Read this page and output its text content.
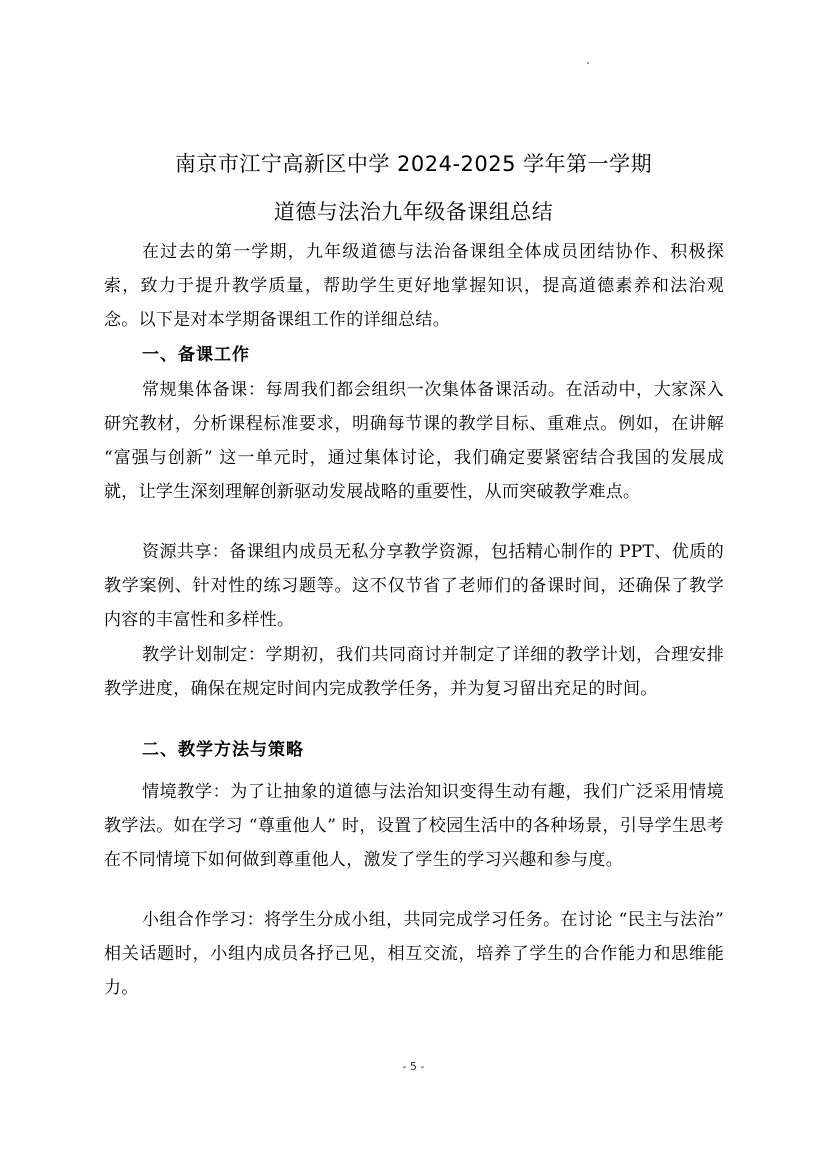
南京市江宁高新区中学 2024-2025 学年第一学期
道德与法治九年级备课组总结

在过去的第一学期，九年级道德与法治备课组全体成员团结协作、积极探索，致力于提升教学质量，帮助学生更好地掌握知识，提高道德素养和法治观念。以下是对本学期备课组工作的详细总结。

一、备课工作

常规集体备课：每周我们都会组织一次集体备课活动。在活动中，大家深入研究教材，分析课程标准要求，明确每节课的教学目标、重难点。例如，在讲解 “富强与创新” 这一单元时，通过集体讨论，我们确定要紧密结合我国的发展成就，让学生深刻理解创新驱动发展战略的重要性，从而突破教学难点。

资源共享：备课组内成员无私分享教学资源，包括精心制作的 PPT、优质的教学案例、针对性的练习题等。这不仅节省了老师们的备课时间，还确保了教学内容的丰富性和多样性。

教学计划制定：学期初，我们共同商讨并制定了详细的教学计划，合理安排教学进度，确保在规定时间内完成教学任务，并为复习留出充足的时间。

二、教学方法与策略

情境教学：为了让抽象的道德与法治知识变得生动有趣，我们广泛采用情境教学法。如在学习 “尊重他人” 时，设置了校园生活中的各种场景，引导学生思考在不同情境下如何做到尊重他人，激发了学生的学习兴趣和参与度。

小组合作学习：将学生分成小组，共同完成学习任务。在讨论 “民主与法治” 相关话题时，小组内成员各抒己见，相互交流，培养了学生的合作能力和思维能力。

- 5 -
